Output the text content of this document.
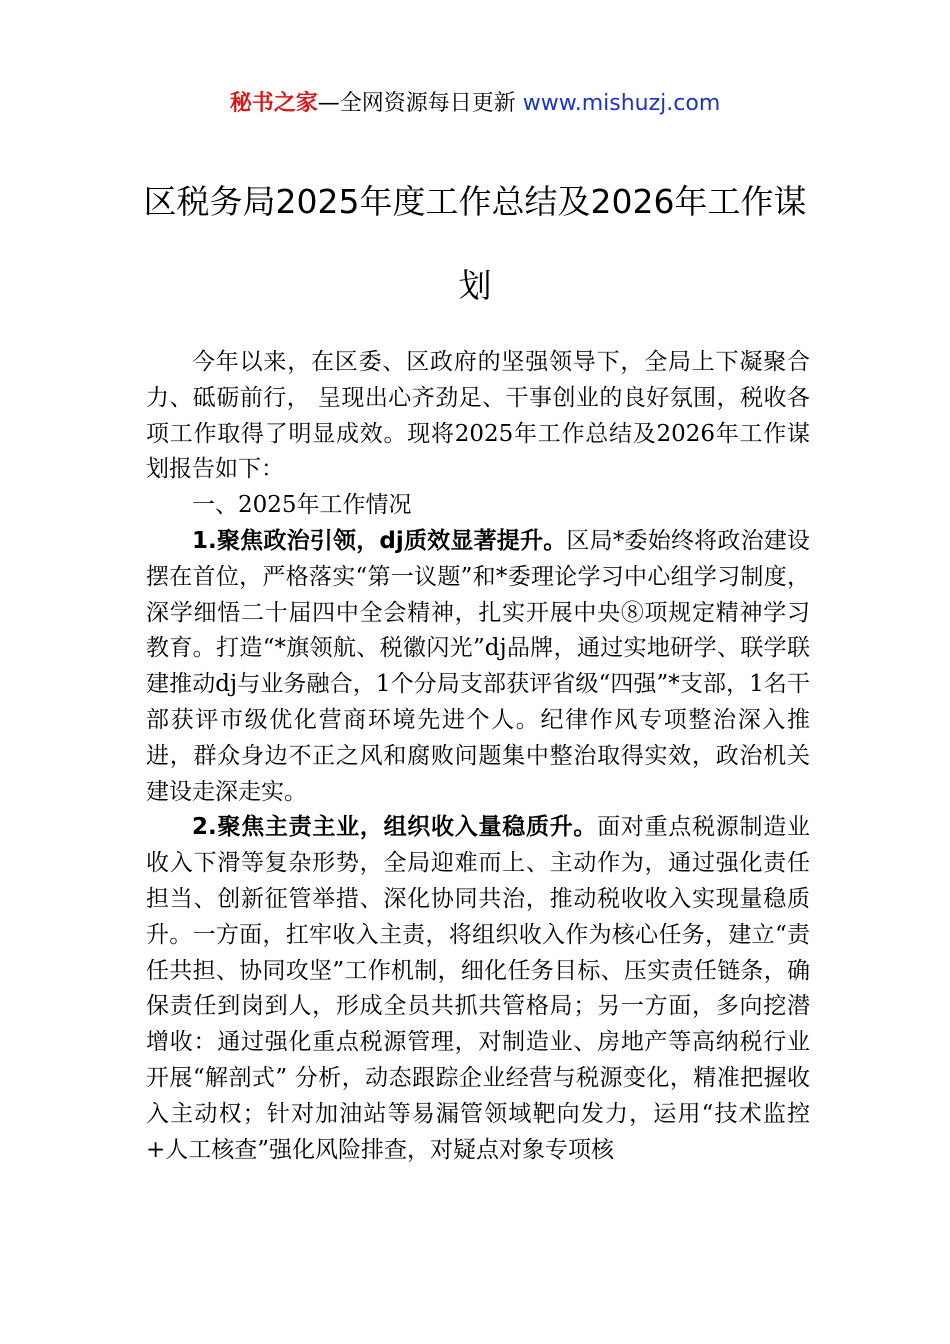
秘书之家—全网资源每日更新 www.mishuzj.com
区税务局2025年度工作总结及2026年工作谋划

今年以来，在区委、区政府的坚强领导下，全局上下凝聚合力、砥砺前行， 呈现出心齐劲足、干事创业的良好氛围，税收各项工作取得了明显成效。现将2025年工作总结及2026年工作谋划报告如下：

一、2025年工作情况

1.聚焦政治引领，dj质效显著提升。区局*委始终将政治建设摆在首位，严格落实“第一议题”和*委理论学习中心组学习制度，深学细悟二十届四中全会精神，扎实开展中央⑧项规定精神学习教育。打造“*旗领航、税徽闪光”dj品牌，通过实地研学、联学联建推动dj与业务融合，1个分局支部获评省级“四强”*支部，1名干部获评市级优化营商环境先进个人。纪律作风专项整治深入推进，群众身边不正之风和腐败问题集中整治取得实效，政治机关建设走深走实。

2.聚焦主责主业，组织收入量稳质升。面对重点税源制造业收入下滑等复杂形势，全局迎难而上、主动作为，通过强化责任担当、创新征管举措、深化协同共治，推动税收收入实现量稳质升。一方面，扛牢收入主责，将组织收入作为核心任务，建立“责任共担、协同攻坚”工作机制，细化任务目标、压实责任链条，确保责任到岗到人，形成全员共抓共管格局；另一方面，多向挖潜增收：通过强化重点税源管理，对制造业、房地产等高纳税行业开展“解剖式” 分析，动态跟踪企业经营与税源变化，精准把握收入主动权；针对加油站等易漏管领域靶向发力，运用“技术监控+人工核查”强化风险排查，对疑点对象专项核
